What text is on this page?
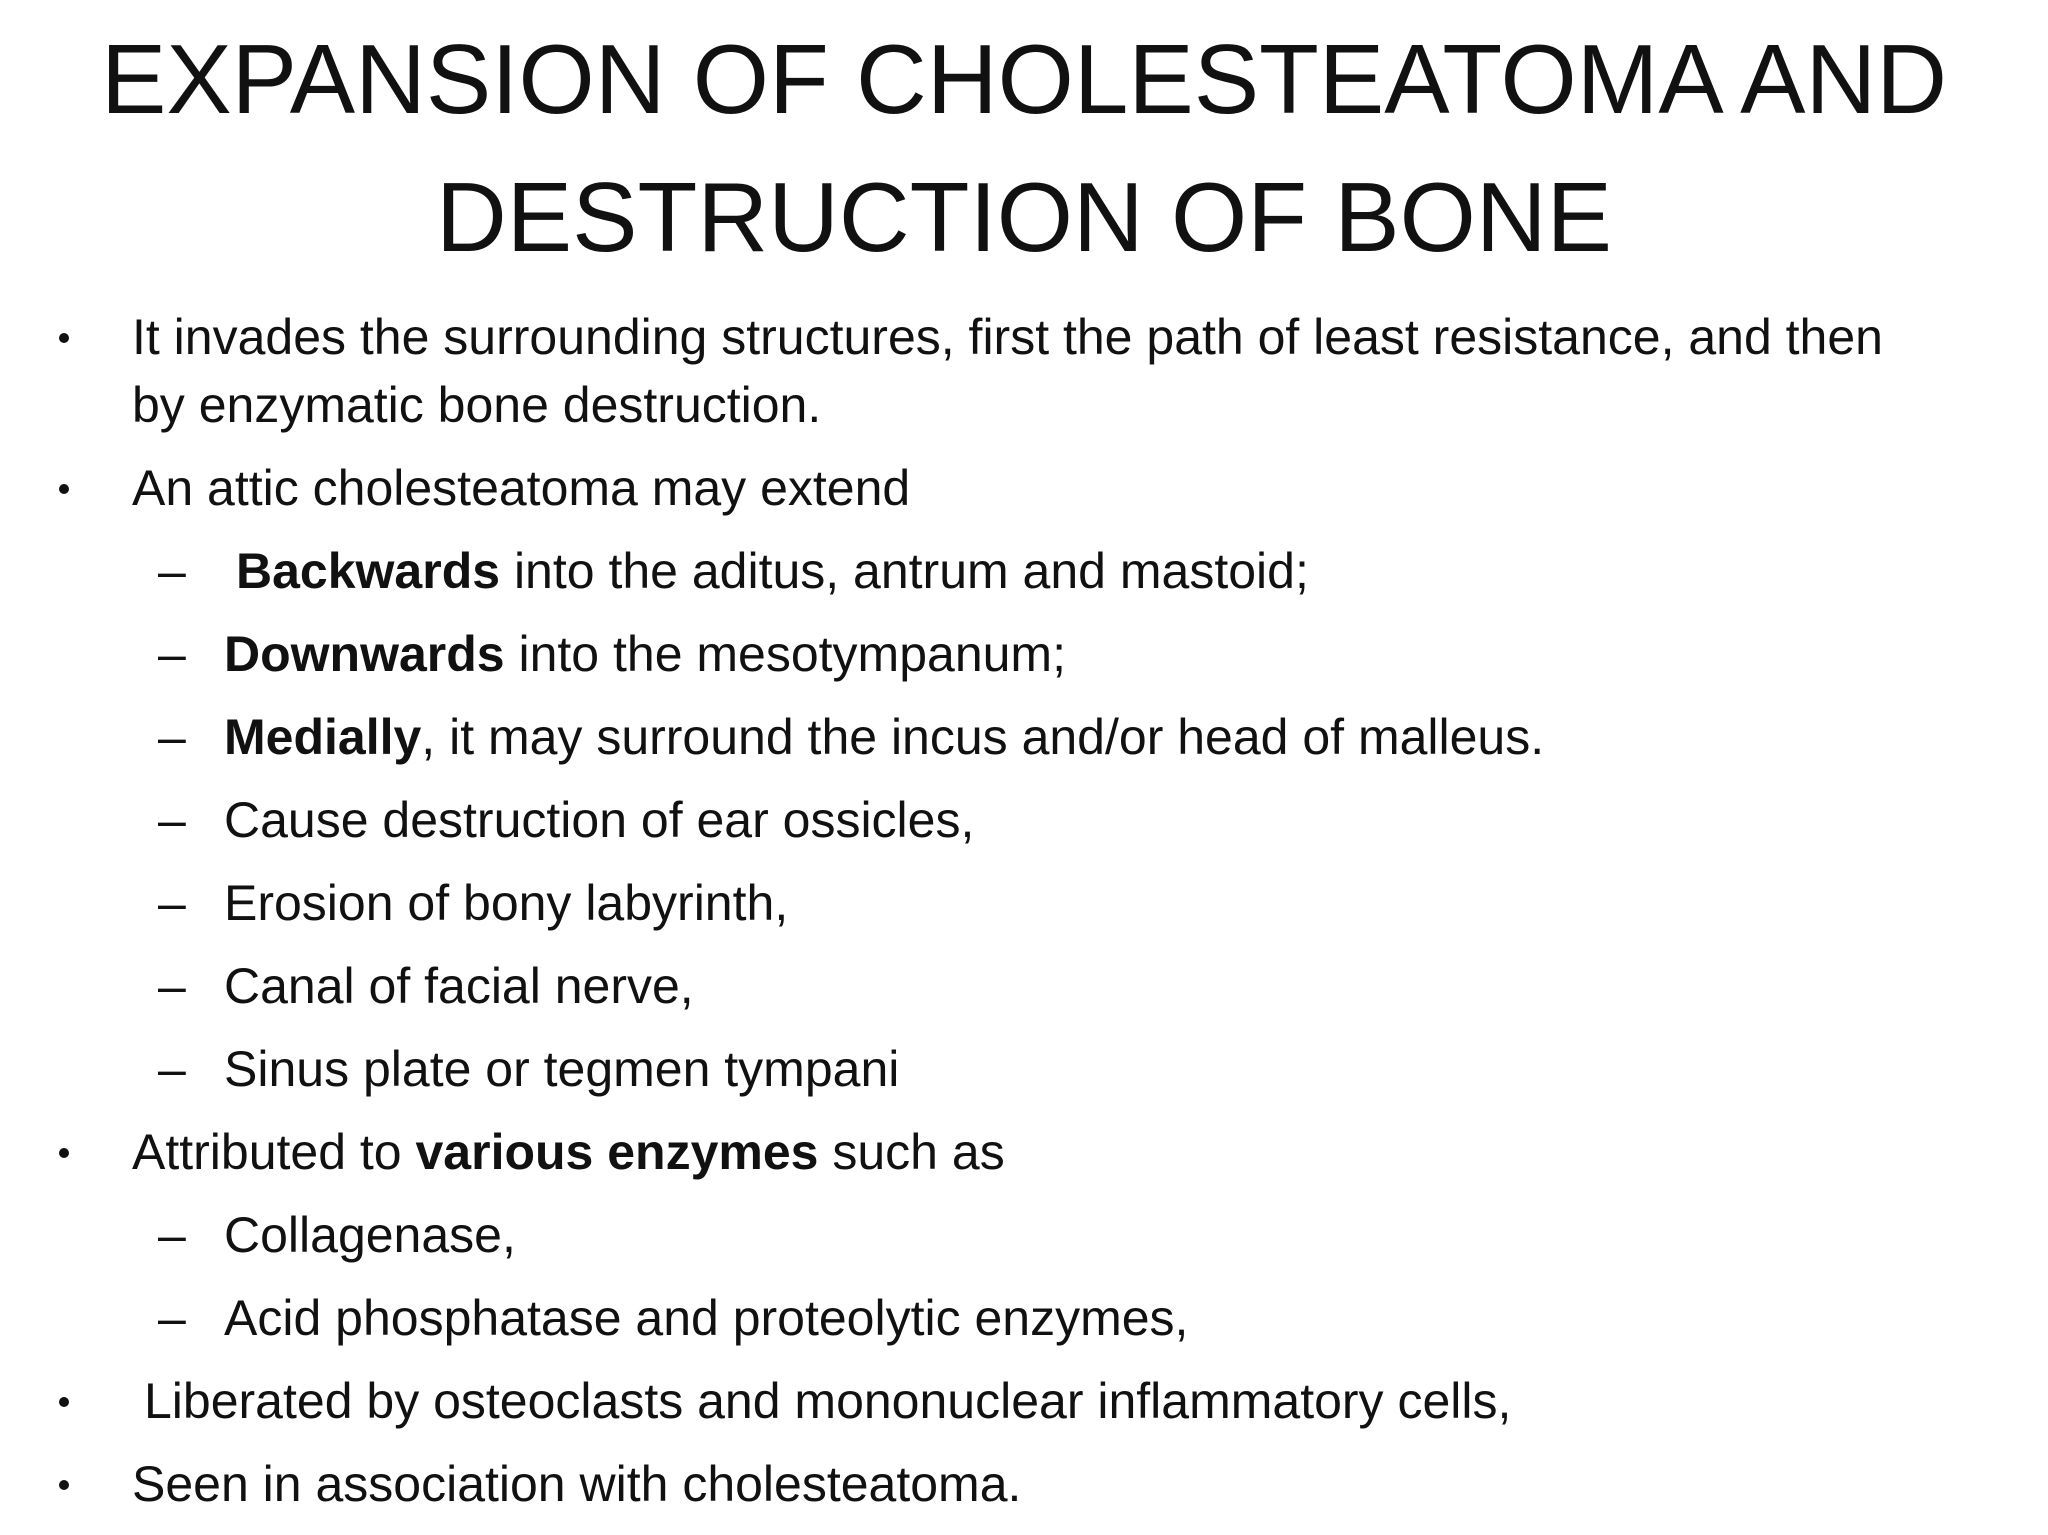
EXPANSION OF CHOLESTEATOMA AND
DESTRUCTION OF BONE
It invades the surrounding structures, first the path of least resistance, and then
by enzymatic bone destruction.
An attic cholesteatoma may extend
– Backwards into the aditus, antrum and mastoid;
– Downwards into the mesotympanum;
– Medially, it may surround the incus and/or head of malleus.
– Cause destruction of ear ossicles,
– Erosion of bony labyrinth,
– Canal of facial nerve,
– Sinus plate or tegmen tympani
Attributed to various enzymes such as
– Collagenase,
– Acid phosphatase and proteolytic enzymes,
Liberated by osteoclasts and mononuclear inflammatory cells,
Seen in association with cholesteatoma.
